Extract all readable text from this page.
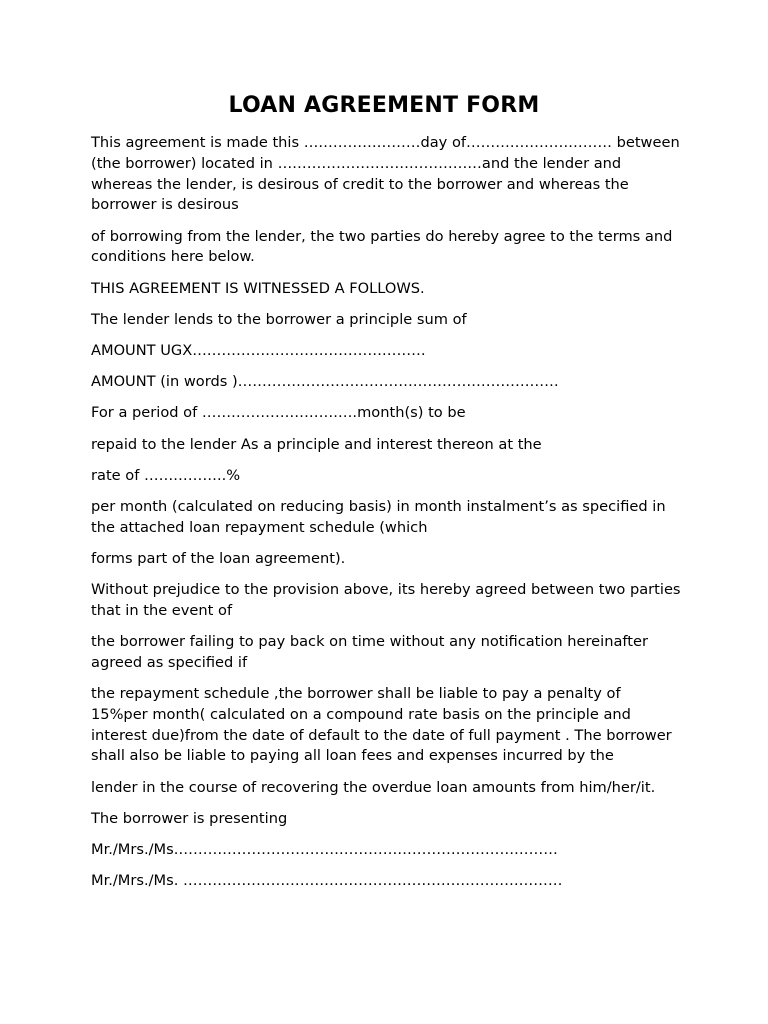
LOAN AGREEMENT FORM

This agreement is made this ……………………day of………………………… between (the borrower) located in ……………………………………and the lender and whereas the lender, is desirous of credit to the borrower and whereas the borrower is desirous

of borrowing from the lender, the two parties do hereby agree to the terms and conditions here below.

THIS AGREEMENT IS WITNESSED A FOLLOWS.

The lender lends to the borrower a principle sum of

AMOUNT UGX…………………………………………

AMOUNT (in words )…………………………………………………………

For a period of ……………………….….month(s) to be

repaid to the lender As a principle and interest thereon at the

rate of ……………..%

per month (calculated on reducing basis) in month instalment’s as specified in the attached loan repayment schedule (which

forms part of the loan agreement).

Without prejudice to the provision above, its hereby agreed between two parties that in the event of

the borrower failing to pay back on time without any notification hereinafter agreed as specified if

the repayment schedule ,the borrower shall be liable to pay a penalty of 15%per month( calculated on a compound rate basis on the principle and interest due)from the date of default to the date of full payment . The borrower shall also be liable to paying all loan fees and expenses incurred by the

lender in the course of recovering the overdue loan amounts from him/her/it.

The borrower is presenting

Mr./Mrs./Ms.……………………………………………………………………

Mr./Mrs./Ms. ……………………………………………………………………
